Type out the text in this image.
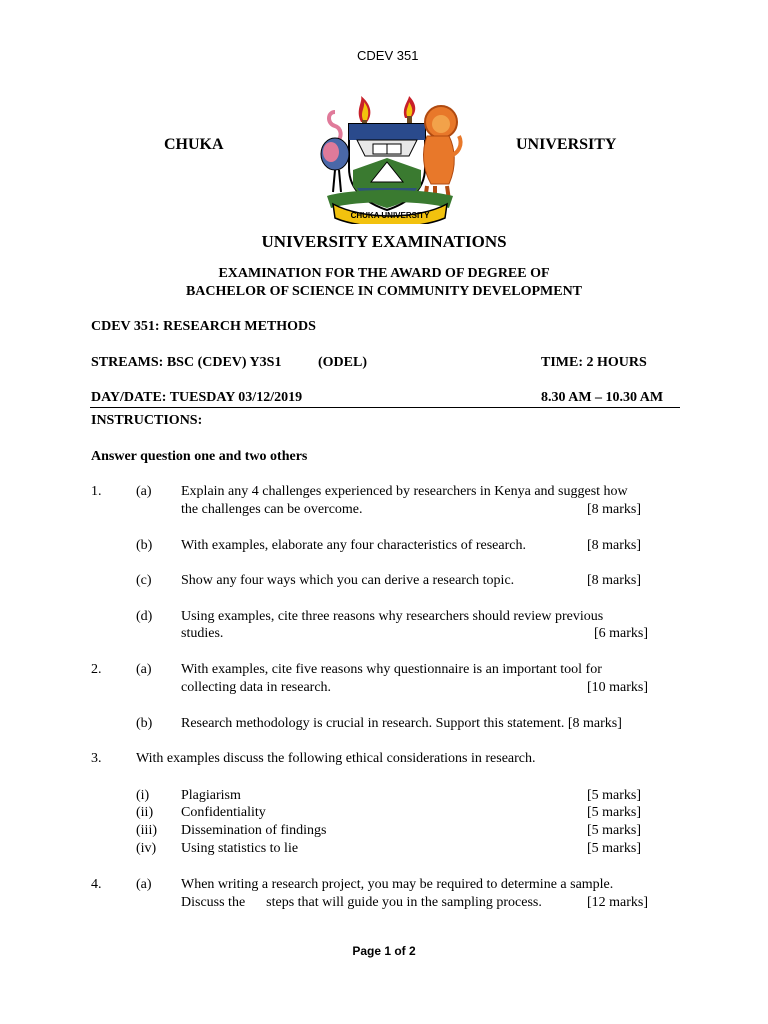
CDEV 351
CHUKA	UNIVERSITY
CHUKA UNIVERSITY
UNIVERSITY EXAMINATIONS
EXAMINATION FOR THE AWARD OF DEGREE OF
BACHELOR OF SCIENCE IN COMMUNITY DEVELOPMENT
CDEV 351: RESEARCH METHODS
STREAMS: BSC (CDEV) Y3S1	(ODEL)	TIME: 2 HOURS
DAY/DATE: TUESDAY 03/12/2019	8.30 AM – 10.30 AM
INSTRUCTIONS:
Answer question one and two others
1. (a) Explain any 4 challenges experienced by researchers in Kenya and suggest how
the challenges can be overcome.	[8 marks]
(b) With examples, elaborate any four characteristics of research.	[8 marks]
(c) Show any four ways which you can derive a research topic.	[8 marks]
(d) Using examples, cite three reasons why researchers should review previous
studies.	[6 marks]
2. (a) With examples, cite five reasons why questionnaire is an important tool for
collecting data in research.	[10 marks]
(b) Research methodology is crucial in research. Support this statement. [8 marks]
3. With examples discuss the following ethical considerations in research.
(i) Plagiarism	[5 marks]
(ii) Confidentiality	[5 marks]
(iii) Dissemination of findings	[5 marks]
(iv) Using statistics to lie	[5 marks]
4. (a) When writing a research project, you may be required to determine a sample.
Discuss the      steps that will guide you in the sampling process.	[12 marks]
Page 1 of 2
